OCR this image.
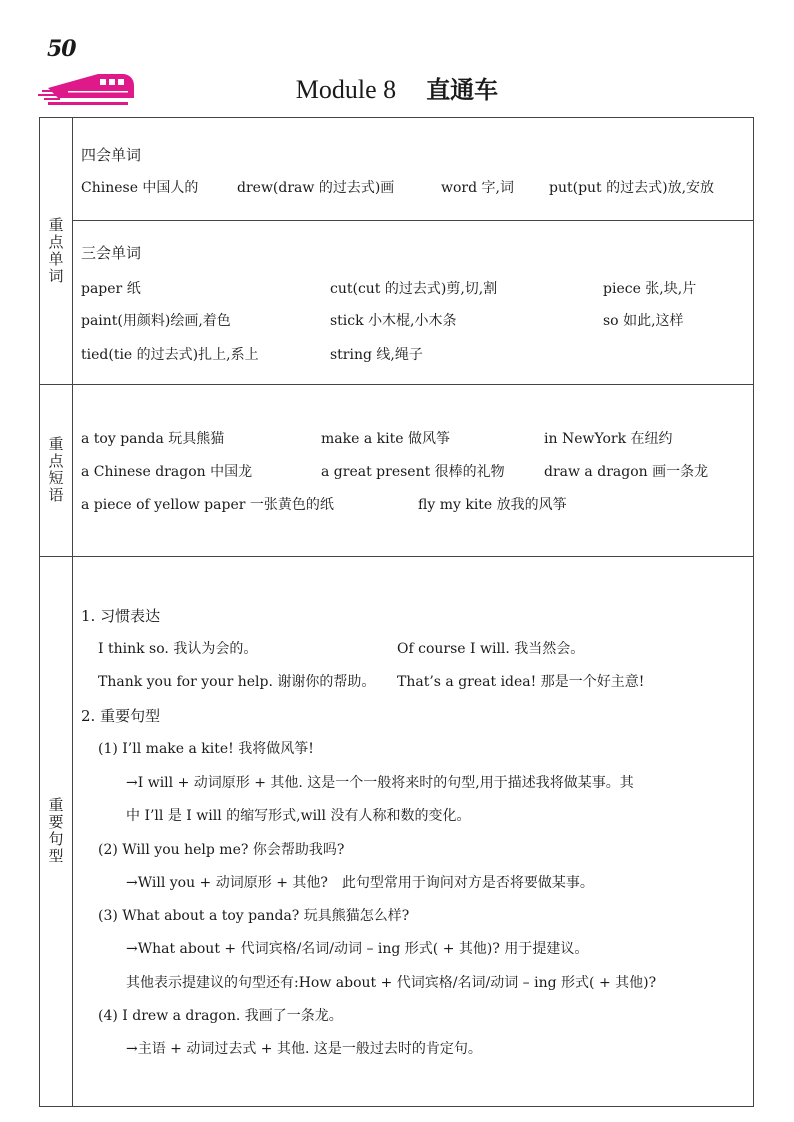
50
Module 8 直通车
重点单词
重点短语
重要句型
四会单词
Chinese 中国人的	drew(draw 的过去式)画	word 字,词	put(put 的过去式)放,安放
三会单词
paper 纸	cut(cut 的过去式)剪,切,割	piece 张,块,片
paint(用颜料)绘画,着色	stick 小木棍,小木条	so 如此,这样
tied(tie 的过去式)扎上,系上	string 线,绳子
a toy panda 玩具熊猫	make a kite 做风筝	in NewYork 在纽约
a Chinese dragon 中国龙	a great present 很棒的礼物	draw a dragon 画一条龙
a piece of yellow paper 一张黄色的纸	fly my kite 放我的风筝
1. 习惯表达
I think so. 我认为会的。	Of course I will. 我当然会。
Thank you for your help. 谢谢你的帮助。 That’s a great idea! 那是一个好主意!
2. 重要句型
(1) I’ll make a kite! 我将做风筝!
→I will + 动词原形 + 其他. 这是一个一般将来时的句型,用于描述我将做某事。其
中 I’ll 是 I will 的缩写形式,will 没有人称和数的变化。
(2) Will you help me? 你会帮助我吗?
→Will you + 动词原形 + 其他?　此句型常用于询问对方是否将要做某事。
(3) What about a toy panda? 玩具熊猫怎么样?
→What about + 代词宾格/名词/动词 – ing 形式( + 其他)? 用于提建议。
其他表示提建议的句型还有:How about + 代词宾格/名词/动词 – ing 形式( + 其他)?
(4) I drew a dragon. 我画了一条龙。
→主语 + 动词过去式 + 其他. 这是一般过去时的肯定句。
